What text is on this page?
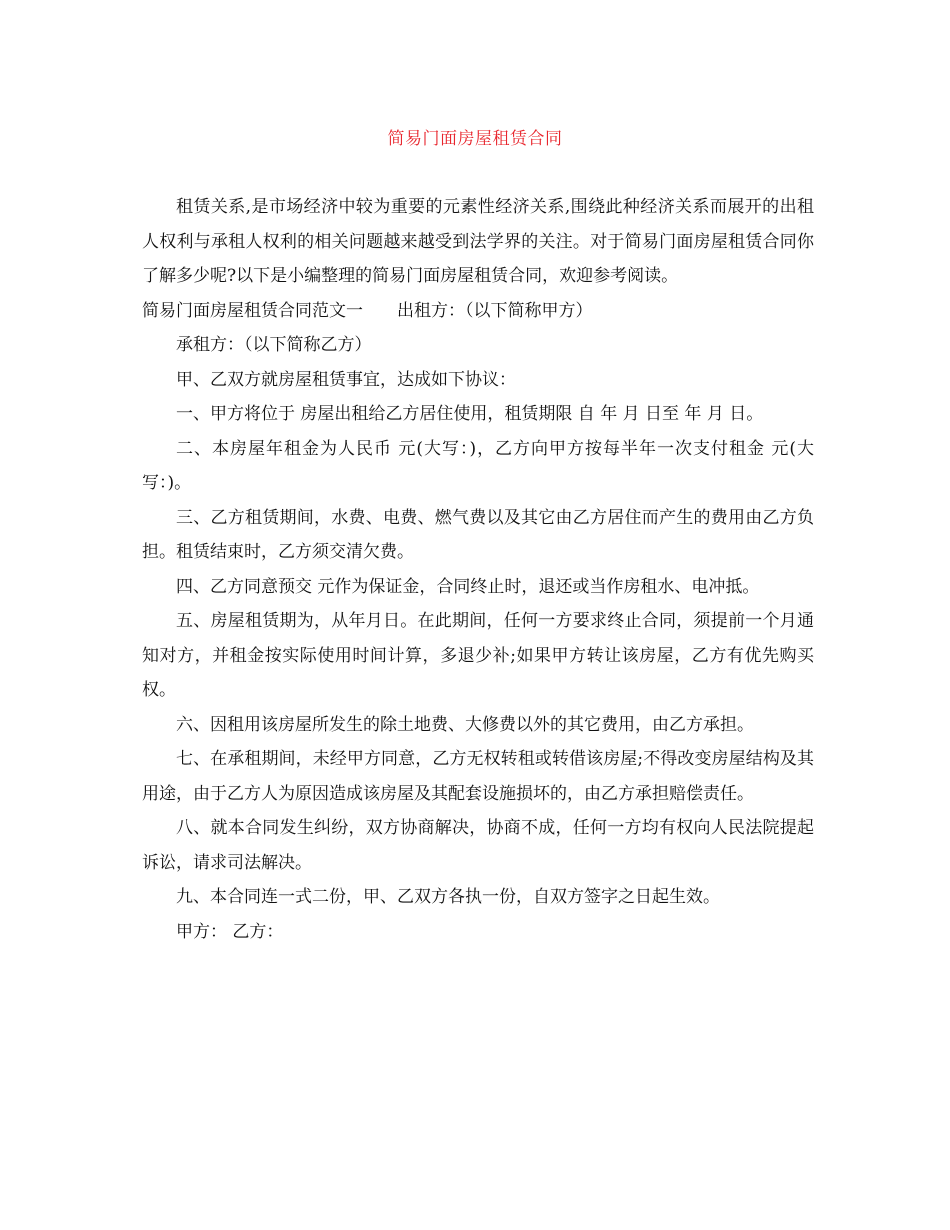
简易门面房屋租赁合同

租赁关系,是市场经济中较为重要的元素性经济关系,围绕此种经济关系而展开的出租人权利与承租人权利的相关问题越来越受到法学界的关注。对于简易门面房屋租赁合同你了解多少呢?以下是小编整理的简易门面房屋租赁合同，欢迎参考阅读。

简易门面房屋租赁合同范文一　　出租方：（以下简称甲方）

承租方：（以下简称乙方）

甲、乙双方就房屋租赁事宜，达成如下协议：

一、甲方将位于 房屋出租给乙方居住使用，租赁期限 自 年 月 日至 年 月 日。

二、本房屋年租金为人民币 元(大写：)，乙方向甲方按每半年一次支付租金 元(大写：)。

三、乙方租赁期间，水费、电费、燃气费以及其它由乙方居住而产生的费用由乙方负担。租赁结束时，乙方须交清欠费。

四、乙方同意预交 元作为保证金，合同终止时，退还或当作房租水、电冲抵。

五、房屋租赁期为，从年月日。在此期间，任何一方要求终止合同，须提前一个月通知对方，并租金按实际使用时间计算，多退少补;如果甲方转让该房屋，乙方有优先购买权。

六、因租用该房屋所发生的除土地费、大修费以外的其它费用，由乙方承担。

七、在承租期间，未经甲方同意，乙方无权转租或转借该房屋;不得改变房屋结构及其用途，由于乙方人为原因造成该房屋及其配套设施损坏的，由乙方承担赔偿责任。

八、就本合同发生纠纷，双方协商解决，协商不成，任何一方均有权向人民法院提起诉讼，请求司法解决。

九、本合同连一式二份，甲、乙双方各执一份，自双方签字之日起生效。

甲方： 乙方：
